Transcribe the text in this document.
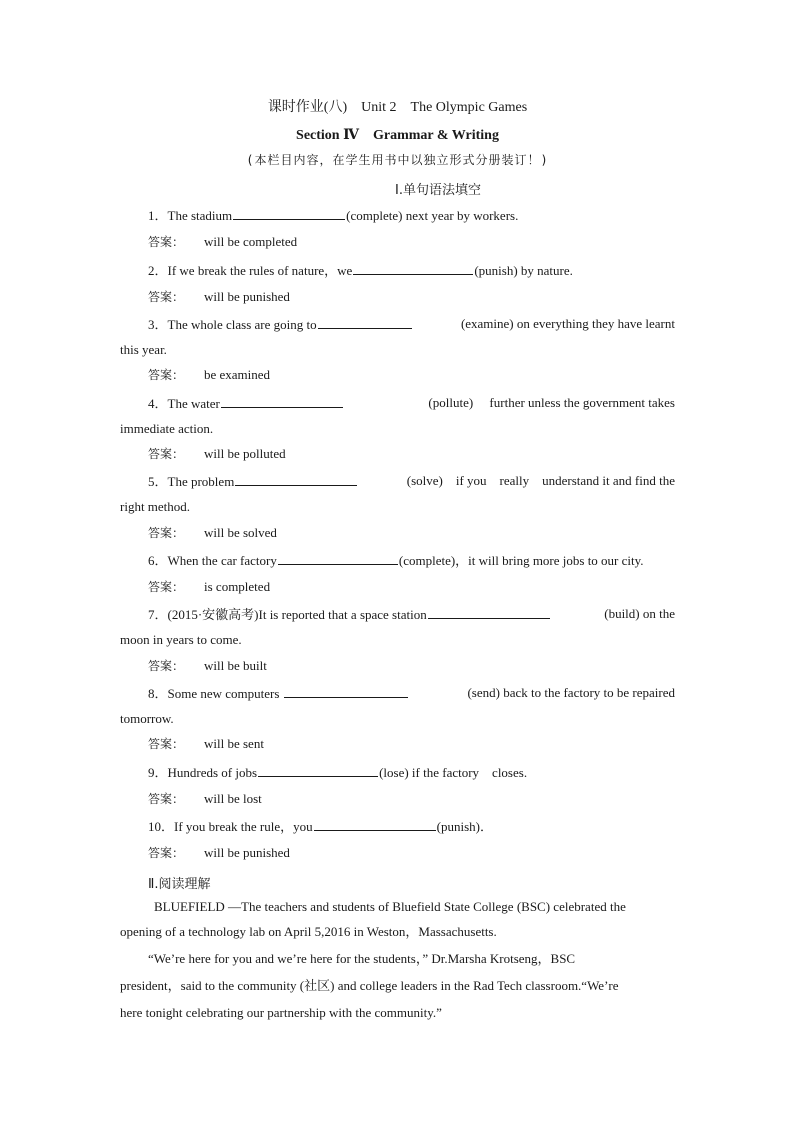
课时作业(八)　Unit 2　The Olympic Games
Section Ⅳ　Grammar & Writing
(本栏目内容，在学生用书中以独立形式分册装订！)
Ⅰ.单句语法填空
1．The stadium	(complete) next year by workers.
答案： will be completed
2．If we break the rules of nature，we	(punish) by nature.
答案： will be punished
3．The whole class are going to	(examine) on everything they have learnt
this year.
答案： be examined
4．The water	(pollute)　 further unless the government takes
immediate action.
答案： will be polluted
5．The problem	(solve)　if you　really　understand it and find the
right method.
答案： will be solved
6．When the car factory	(complete)，it will bring more jobs to our city.
答案： is completed
7．(2015·安徽高考)It is reported that a space station	(build) on the
moon in years to come.
答案： will be built
8．Some new computers	(send) back to the factory to be repaired
tomorrow.
答案： will be sent
9．Hundreds of jobs	(lose) if the factory　closes.
答案： will be lost
10．If you break the rule，you	(punish)．
答案： will be punished
Ⅱ.阅读理解
BLUEFIELD —The teachers and students of Bluefield State College (BSC) celebrated the
opening of a technology lab on April 5,2016 in Weston，Massachusetts.
“We’re here for you and we’re here for the students，” Dr.Marsha Krotseng，BSC
president，said to the community (社区) and college leaders in the Rad Tech classroom.“We’re
here tonight celebrating our partnership with the community.”
